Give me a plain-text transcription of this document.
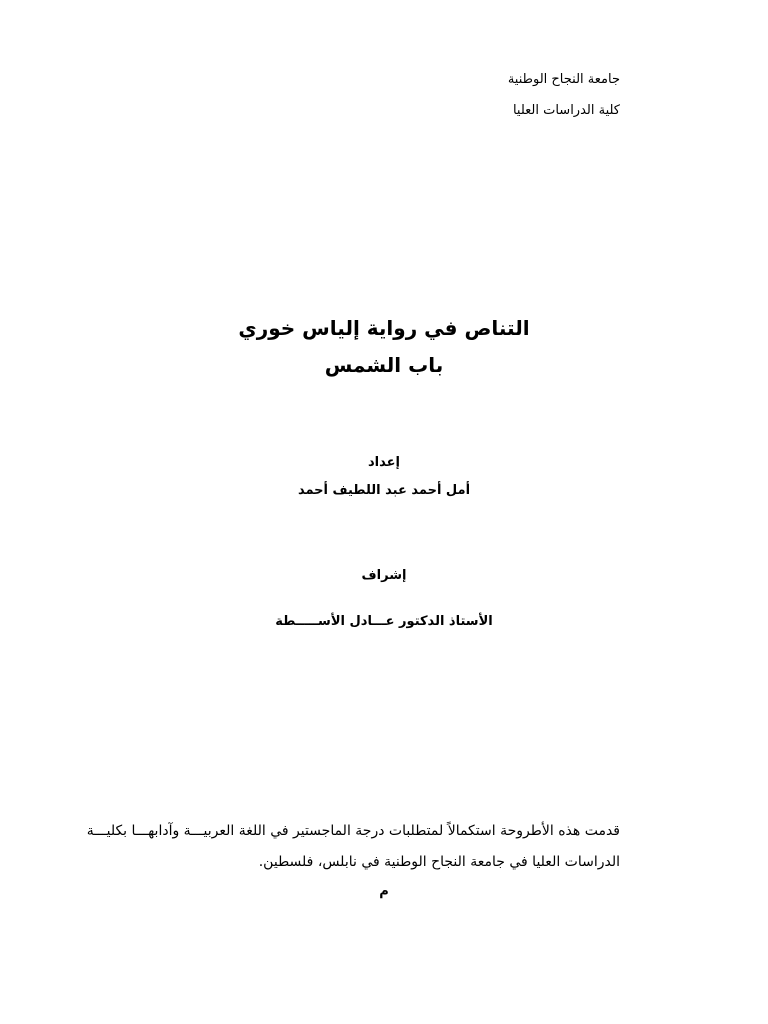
جامعة النجاح الوطنية
كلية الدراسات العليا
التناص في رواية إلياس خوري
باب الشمس
إعداد
أمل أحمد عبد اللطيف أحمد
إشراف
الأستاذ الدكتور عـــادل الأســـــطة
قدمت هذه الأطروحة استكمالاً لمتطلبات درجة الماجستير في اللغة العربيـــة وآدابهـــا بكليـــة
الدراسات العليا في جامعة النجاح الوطنية في نابلس، فلسطين.
م
